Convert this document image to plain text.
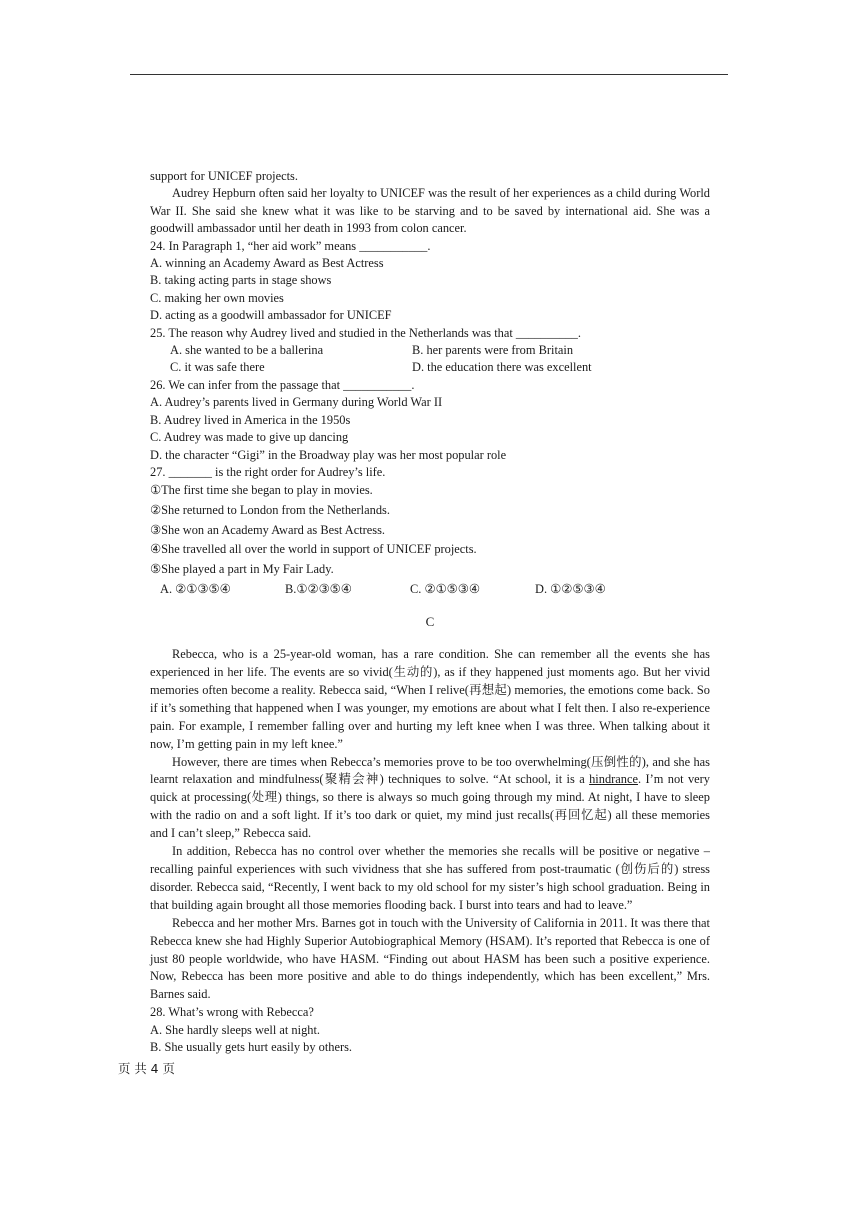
support for UNICEF projects.

Audrey Hepburn often said her loyalty to UNICEF was the result of her experiences as a child during World War II. She said she knew what it was like to be starving and to be saved by international aid. She was a goodwill ambassador until her death in 1993 from colon cancer.

24. In Paragraph 1, “her aid work” means ___________.

A. winning an Academy Award as Best Actress

B. taking acting parts in stage shows

C. making her own movies

D. acting as a goodwill ambassador for UNICEF

25. The reason why Audrey lived and studied in the Netherlands was that __________.

A. she wanted to be a ballerina	B. her parents were from Britain
C. it was safe there	D. the education there was excellent

26. We can infer from the passage that ___________.

A. Audrey’s parents lived in Germany during World War II

B. Audrey lived in America in the 1950s

C. Audrey was made to give up dancing

D. the character “Gigi” in the Broadway play was her most popular role

27. _______ is the right order for Audrey’s life.

①The first time she began to play in movies.

②She returned to London from the Netherlands.

③She won an Academy Award as Best Actress.

④She travelled all over the world in support of UNICEF projects.

⑤She played a part in My Fair Lady.

A. ②①③⑤④	B.①②③⑤④	C. ②①⑤③④	D. ①②⑤③④
C

Rebecca, who is a 25-year-old woman, has a rare condition. She can remember all the events she has experienced in her life. The events are so vivid(生动的), as if they happened just moments ago. But her vivid memories often become a reality. Rebecca said, “When I relive(再想起) memories, the emotions come back. So if it’s something that happened when I was younger, my emotions are about what I felt then. I also re-experience pain. For example, I remember falling over and hurting my left knee when I was three. When talking about it now, I’m getting pain in my left knee.”

However, there are times when Rebecca’s memories prove to be too overwhelming(压倒性的), and she has learnt relaxation and mindfulness(聚精会神) techniques to solve. “At school, it is a hindrance. I’m not very quick at processing(处理) things, so there is always so much going through my mind. At night, I have to sleep with the radio on and a soft light. If it’s too dark or quiet, my mind just recalls(再回忆起) all these memories and I can’t sleep,” Rebecca said.

In addition, Rebecca has no control over whether the memories she recalls will be positive or negative – recalling painful experiences with such vividness that she has suffered from post-traumatic (创伤后的) stress disorder. Rebecca said, “Recently, I went back to my old school for my sister’s high school graduation. Being in that building again brought all those memories flooding back. I burst into tears and had to leave.”

Rebecca and her mother Mrs. Barnes got in touch with the University of California in 2011. It was there that Rebecca knew she had Highly Superior Autobiographical Memory (HSAM). It’s reported that Rebecca is one of just 80 people worldwide, who have HASM. “Finding out about HASM has been such a positive experience. Now, Rebecca has been more positive and able to do things independently, which has been excellent,” Mrs. Barnes said.

28. What’s wrong with Rebecca?

A. She hardly sleeps well at night.

B. She usually gets hurt easily by others.

页 共 4 页
